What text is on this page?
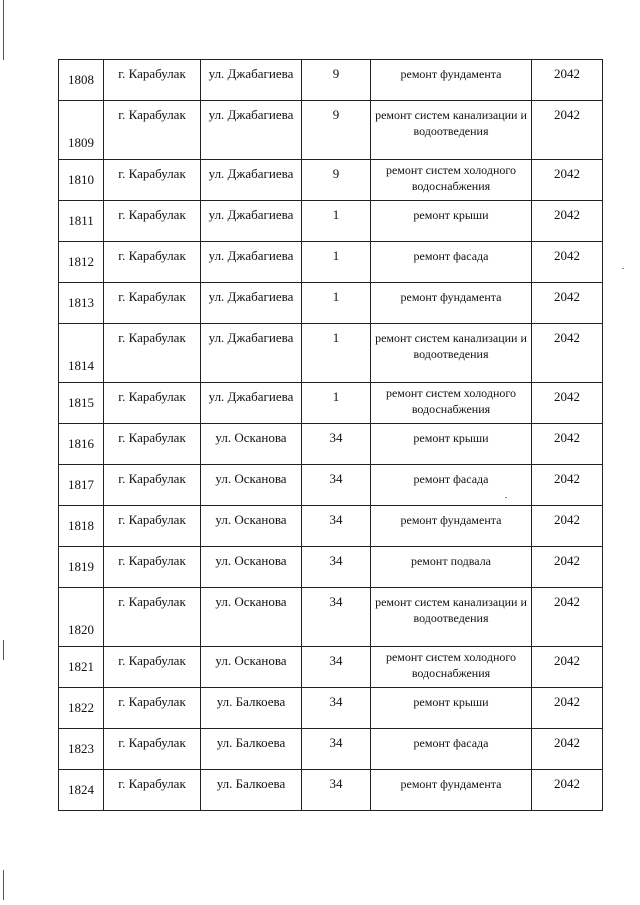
1808	г. Карабулак	ул. Джабагиева	9	ремонт фундамента	2042
1809	г. Карабулак	ул. Джабагиева	9	ремонт систем канализации и водоотведения	2042
1810	г. Карабулак	ул. Джабагиева	9	ремонт систем холодного водоснабжения	2042
1811	г. Карабулак	ул. Джабагиева	1	ремонт крыши	2042
1812	г. Карабулак	ул. Джабагиева	1	ремонт фасада	2042
1813	г. Карабулак	ул. Джабагиева	1	ремонт фундамента	2042
1814	г. Карабулак	ул. Джабагиева	1	ремонт систем канализации и водоотведения	2042
1815	г. Карабулак	ул. Джабагиева	1	ремонт систем холодного водоснабжения	2042
1816	г. Карабулак	ул. Осканова	34	ремонт крыши	2042
1817	г. Карабулак	ул. Осканова	34	ремонт фасада	2042
1818	г. Карабулак	ул. Осканова	34	ремонт фундамента	2042
1819	г. Карабулак	ул. Осканова	34	ремонт подвала	2042
1820	г. Карабулак	ул. Осканова	34	ремонт систем канализации и водоотведения	2042
1821	г. Карабулак	ул. Осканова	34	ремонт систем холодного водоснабжения	2042
1822	г. Карабулак	ул. Балкоева	34	ремонт крыши	2042
1823	г. Карабулак	ул. Балкоева	34	ремонт фасада	2042
1824	г. Карабулак	ул. Балкоева	34	ремонт фундамента	2042
